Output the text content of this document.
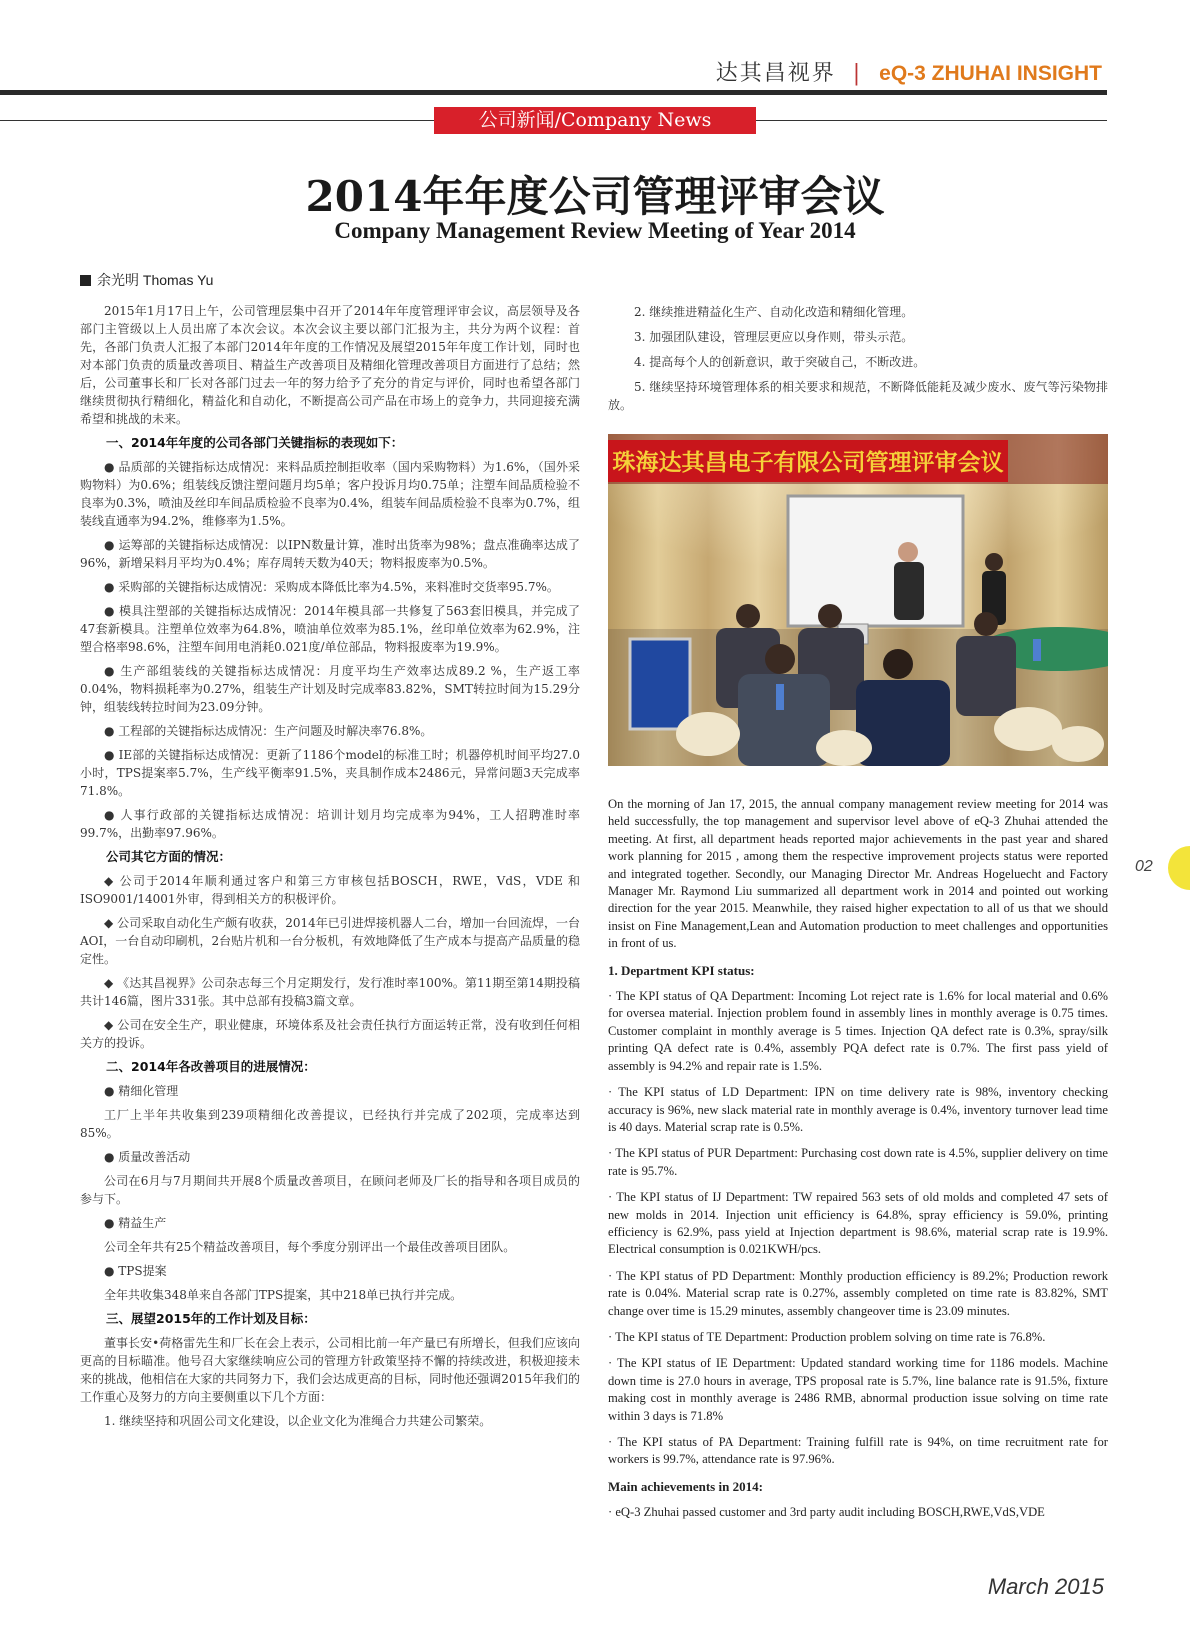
达其昌视界 | eQ-3 ZHUHAI INSIGHT
公司新闻/Company News
2014年年度公司管理评审会议
Company Management Review Meeting of Year 2014
余光明 Thomas Yu

2015年1月17日上午，公司管理层集中召开了2014年年度管理评审会议，高层领导及各部门主管级以上人员出席了本次会议。本次会议主要以部门汇报为主，共分为两个议程：首先，各部门负责人汇报了本部门2014年年度的工作情况及展望2015年年度工作计划，同时也对本部门负责的质量改善项目、精益生产改善项目及精细化管理改善项目方面进行了总结；然后，公司董事长和厂长对各部门过去一年的努力给予了充分的肯定与评价，同时也希望各部门继续贯彻执行精细化，精益化和自动化，不断提高公司产品在市场上的竞争力，共同迎接充满希望和挑战的未来。

一、2014年年度的公司各部门关键指标的表现如下：

● 品质部的关键指标达成情况：来料品质控制拒收率（国内采购物料）为1.6%，（国外采购物料）为0.6%；组装线反馈注塑问题月均5单；客户投诉月均0.75单；注塑车间品质检验不良率为0.3%，喷油及丝印车间品质检验不良率为0.4%，组装车间品质检验不良率为0.7%，组装线直通率为94.2%，维修率为1.5%。

● 运筹部的关键指标达成情况：以IPN数量计算，准时出货率为98%；盘点准确率达成了96%，新增呆料月平均为0.4%；库存周转天数为40天；物料报废率为0.5%。

● 采购部的关键指标达成情况：采购成本降低比率为4.5%，来料准时交货率95.7%。

● 模具注塑部的关键指标达成情况：2014年模具部一共修复了563套旧模具，并完成了47套新模具。注塑单位效率为64.8%，喷油单位效率为85.1%，丝印单位效率为62.9%，注塑合格率98.6%，注塑车间用电消耗0.021度/单位部品，物料报废率为19.9%。

● 生产部组装线的关键指标达成情况：月度平均生产效率达成89.2 %，生产返工率0.04%，物料损耗率为0.27%，组装生产计划及时完成率83.82%，SMT转拉时间为15.29分钟，组装线转拉时间为23.09分钟。

● 工程部的关键指标达成情况：生产问题及时解决率76.8%。

● IE部的关键指标达成情况：更新了1186个model的标准工时；机器停机时间平均27.0小时，TPS提案率5.7%，生产线平衡率91.5%，夹具制作成本2486元，异常问题3天完成率71.8%。

● 人事行政部的关键指标达成情况：培训计划月均完成率为94%，工人招聘准时率99.7%，出勤率97.96%。

公司其它方面的情况：

◆ 公司于2014年顺利通过客户和第三方审核包括BOSCH，RWE，VdS，VDE 和ISO9001/14001外审，得到相关方的积极评价。

◆ 公司采取自动化生产颇有收获，2014年已引进焊接机器人二台，增加一台回流焊，一台AOI，一台自动印刷机，2台贴片机和一台分板机，有效地降低了生产成本与提高产品质量的稳定性。

◆ 《达其昌视界》公司杂志每三个月定期发行，发行准时率100%。第11期至第14期投稿共计146篇，图片331张。其中总部有投稿3篇文章。

◆ 公司在安全生产，职业健康，环境体系及社会责任执行方面运转正常，没有收到任何相关方的投诉。

二、2014年各改善项目的进展情况：

● 精细化管理

工厂上半年共收集到239项精细化改善提议，已经执行并完成了202项，完成率达到85%。

● 质量改善活动

公司在6月与7月期间共开展8个质量改善项目，在顾问老师及厂长的指导和各项目成员的参与下。

● 精益生产

公司全年共有25个精益改善项目，每个季度分别评出一个最佳改善项目团队。

● TPS提案

全年共收集348单来自各部门TPS提案，其中218单已执行并完成。

三、展望2015年的工作计划及目标：

董事长安•荷格雷先生和厂长在会上表示，公司相比前一年产量已有所增长，但我们应该向更高的目标瞄准。他号召大家继续响应公司的管理方针政策坚持不懈的持续改进，积极迎接未来的挑战，他相信在大家的共同努力下，我们会达成更高的目标，同时他还强调2015年我们的工作重心及努力的方向主要侧重以下几个方面：

1. 继续坚持和巩固公司文化建设，以企业文化为准绳合力共建公司繁荣。

2. 继续推进精益化生产、自动化改造和精细化管理。

3. 加强团队建设，管理层更应以身作则，带头示范。

4. 提高每个人的创新意识，敢于突破自己，不断改进。

5. 继续坚持环境管理体系的相关要求和规范，不断降低能耗及减少废水、废气等污染物排放。

珠海达其昌电子有限公司管理评审会议

On the morning of Jan 17, 2015, the annual company management review meeting for 2014 was held successfully, the top management and supervisor level above of eQ-3 Zhuhai attended the meeting. At first, all department heads reported major achievements in the past year and shared work planning for 2015 , among them the respective improvement projects status were reported and integrated together. Secondly, our Managing Director Mr. Andreas Hogeluecht and Factory Manager Mr. Raymond Liu summarized all department work in 2014 and pointed out working direction for the year 2015. Meanwhile, they raised higher expectation to all of us that we should insist on Fine Management,Lean and Automation production to meet challenges and opportunities in front of us.

1. Department KPI status:

· The KPI status of QA Department: Incoming Lot reject rate is 1.6% for local material and 0.6% for oversea material. Injection problem found in assembly lines in monthly average is 0.75 times. Customer complaint in monthly average is 5 times. Injection QA defect rate is 0.3%, spray/silk printing QA defect rate is 0.4%, assembly PQA defect rate is 0.7%. The first pass yield of assembly is 94.2% and repair rate is 1.5%.

· The KPI status of LD Department: IPN on time delivery rate is 98%, inventory checking accuracy is 96%, new slack material rate in monthly average is 0.4%, inventory turnover lead time is 40 days. Material scrap rate is 0.5%.

· The KPI status of PUR Department: Purchasing cost down rate is 4.5%, supplier delivery on time rate is 95.7%.

· The KPI status of IJ Department: TW repaired 563 sets of old molds and completed 47 sets of new molds in 2014. Injection unit efficiency is 64.8%, spray efficiency is 59.0%, printing efficiency is 62.9%, pass yield at Injection department is 98.6%, material scrap rate is 19.9%. Electrical consumption is 0.021KWH/pcs.

· The KPI status of PD Department: Monthly production efficiency is 89.2%; Production rework rate is 0.04%. Material scrap rate is 0.27%, assembly completed on time rate is 83.82%, SMT change over time is 15.29 minutes, assembly changeover time is 23.09 minutes.

· The KPI status of TE Department: Production problem solving on time rate is 76.8%.

· The KPI status of IE Department: Updated standard working time for 1186 models. Machine down time is 27.0 hours in average, TPS proposal rate is 5.7%, line balance rate is 91.5%, fixture making cost in monthly average is 2486 RMB, abnormal production issue solving on time rate within 3 days is 71.8%

· The KPI status of PA Department: Training fulfill rate is 94%, on time recruitment rate for workers is 99.7%, attendance rate is 97.96%.

Main achievements in 2014:

· eQ-3 Zhuhai passed customer and 3rd party audit including BOSCH,RWE,VdS,VDE

02
March 2015
